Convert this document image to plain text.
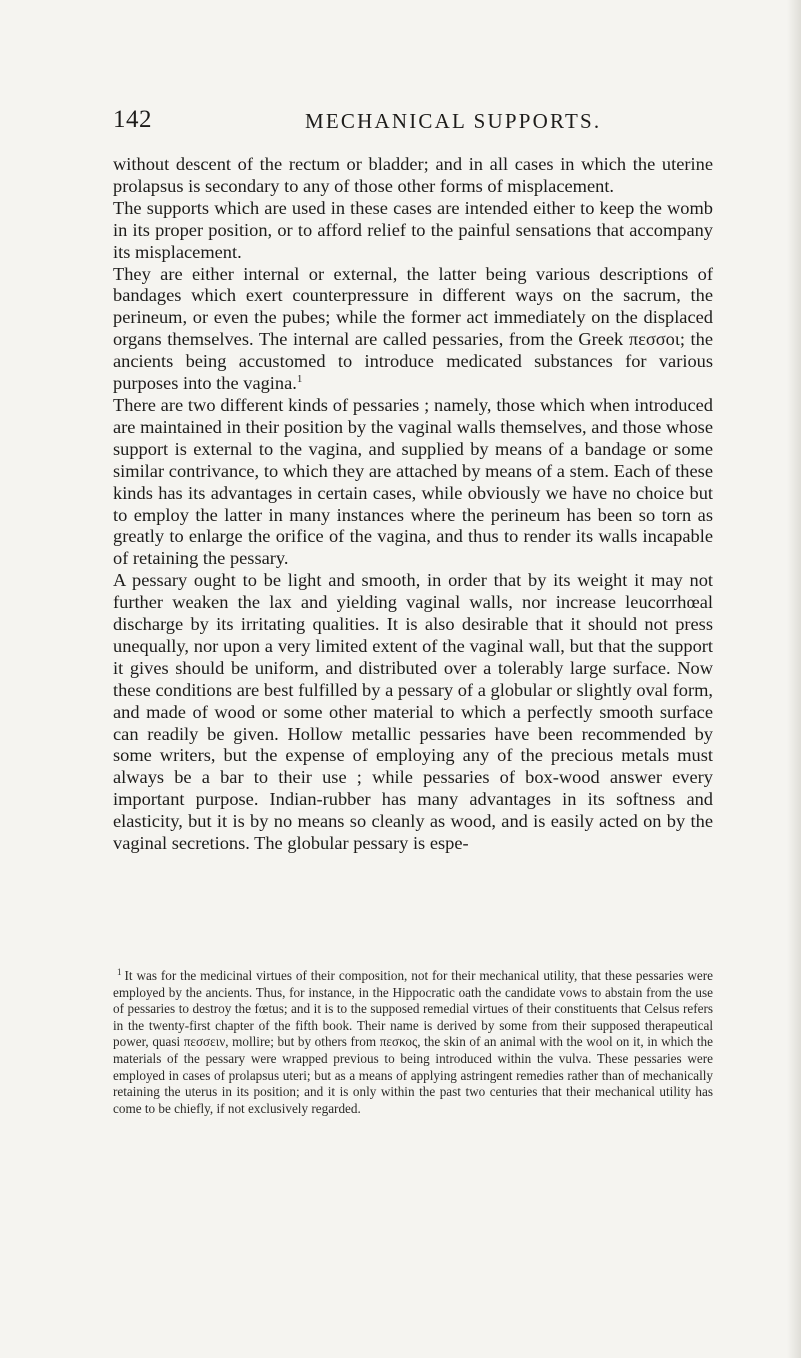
142	MECHANICAL SUPPORTS.

without descent of the rectum or bladder; and in all cases in which the uterine prolapsus is secondary to any of those other forms of misplacement.

The supports which are used in these cases are intended either to keep the womb in its proper position, or to afford relief to the painful sensations that accompany its misplacement.

They are either internal or external, the latter being various descriptions of bandages which exert counterpressure in different ways on the sacrum, the perineum, or even the pubes; while the former act immediately on the displaced organs themselves. The internal are called pessaries, from the Greek πεσσοι; the ancients being accustomed to introduce medicated substances for various purposes into the vagina.$^1$

There are two different kinds of pessaries ; namely, those which when introduced are maintained in their position by the vaginal walls themselves, and those whose support is external to the vagina, and supplied by means of a bandage or some similar contrivance, to which they are attached by means of a stem. Each of these kinds has its advantages in certain cases, while obviously we have no choice but to employ the latter in many instances where the perineum has been so torn as greatly to enlarge the orifice of the vagina, and thus to render its walls incapable of retaining the pessary.

A pessary ought to be light and smooth, in order that by its weight it may not further weaken the lax and yielding vaginal walls, nor increase leucorrhœal discharge by its irritating qualities. It is also desirable that it should not press unequally, nor upon a very limited extent of the vaginal wall, but that the support it gives should be uniform, and distributed over a tolerably large surface. Now these conditions are best fulfilled by a pessary of a globular or slightly oval form, and made of wood or some other material to which a perfectly smooth surface can readily be given. Hollow metallic pessaries have been recommended by some writers, but the expense of employing any of the precious metals must always be a bar to their use ; while pessaries of box-wood answer every important purpose. Indian-rubber has many advantages in its softness and elasticity, but it is by no means so cleanly as wood, and is easily acted on by the vaginal secretions. The globular pessary is espe-

$^1$ It was for the medicinal virtues of their composition, not for their mechanical utility, that these pessaries were employed by the ancients. Thus, for instance, in the Hippocratic oath the candidate vows to abstain from the use of pessaries to destroy the fœtus; and it is to the supposed remedial virtues of their constituents that Celsus refers in the twenty-first chapter of the fifth book. Their name is derived by some from their supposed therapeutical power, quasi πεσσειν, mollire; but by others from πεσκος, the skin of an animal with the wool on it, in which the materials of the pessary were wrapped previous to being introduced within the vulva. These pessaries were employed in cases of prolapsus uteri; but as a means of applying astringent remedies rather than of mechanically retaining the uterus in its position; and it is only within the past two centuries that their mechanical utility has come to be chiefly, if not exclusively regarded.
